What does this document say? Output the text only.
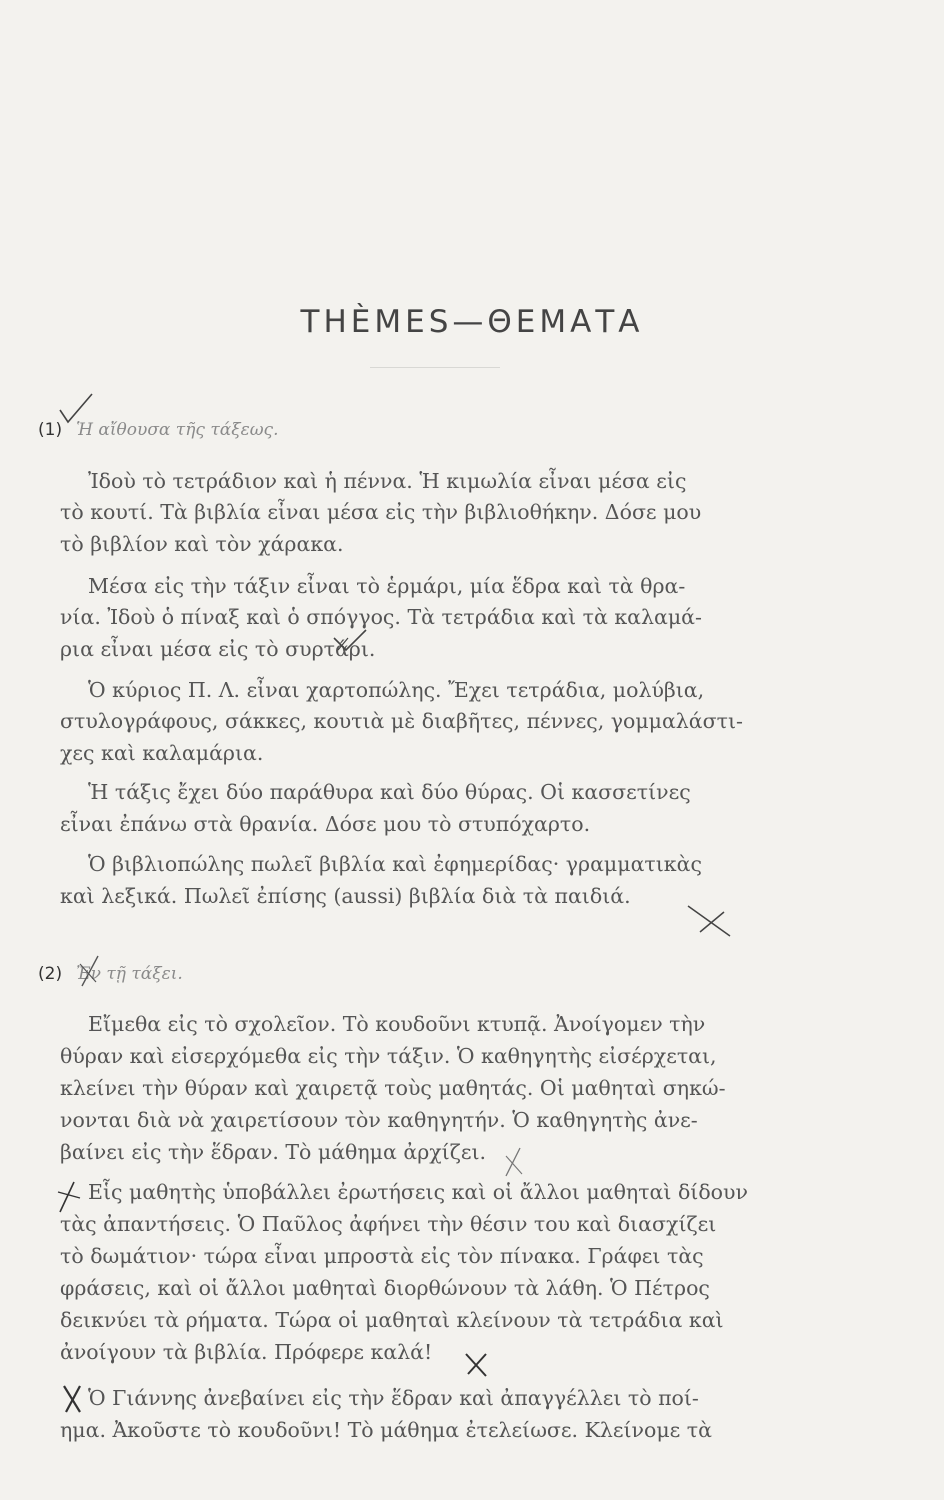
THÈMES—ΘΕΜΑΤΑ
(1) Ἡ αἴθουσα τῆς τάξεως.
Ἰδοὺ τὸ τετράδιον καὶ ἡ πέννα. Ἡ κιμωλία εἶναι μέσα εἰς
τὸ κουτί. Τὰ βιβλία εἶναι μέσα εἰς τὴν βιβλιοθήκην. Δόσε μου
τὸ βιβλίον καὶ τὸν χάρακα.
Μέσα εἰς τὴν τάξιν εἶναι τὸ ἑρμάρι, μία ἕδρα καὶ τὰ θρα-
νία. Ἰδοὺ ὁ πίναξ καὶ ὁ σπόγγος. Τὰ τετράδια καὶ τὰ καλαμά-
ρια εἶναι μέσα εἰς τὸ συρτάρι.
Ὁ κύριος Π. Λ. εἶναι χαρτοπώλης. Ἔχει τετράδια, μολύβια,
στυλογράφους, σάκκες, κουτιὰ μὲ διαβῆτες, πέννες, γομμαλάστι-
χες καὶ καλαμάρια.
Ἡ τάξις ἔχει δύο παράθυρα καὶ δύο θύρας. Οἱ κασσετίνες
εἶναι ἐπάνω στὰ θρανία. Δόσε μου τὸ στυπόχαρτο.
Ὁ βιβλιοπώλης πωλεῖ βιβλία καὶ ἐφημερίδας· γραμματικὰς
καὶ λεξικά. Πωλεῖ ἐπίσης (aussi) βιβλία διὰ τὰ παιδιά.
(2) Ἐν τῇ τάξει.
Εἴμεθα εἰς τὸ σχολεῖον. Τὸ κουδοῦνι κτυπᾷ. Ἀνοίγομεν τὴν
θύραν καὶ εἰσερχόμεθα εἰς τὴν τάξιν. Ὁ καθηγητὴς εἰσέρχεται,
κλείνει τὴν θύραν καὶ χαιρετᾷ τοὺς μαθητάς. Οἱ μαθηταὶ σηκώ-
νονται διὰ νὰ χαιρετίσουν τὸν καθηγητήν. Ὁ καθηγητὴς ἀνε-
βαίνει εἰς τὴν ἕδραν. Τὸ μάθημα ἀρχίζει.
Εἷς μαθητὴς ὑποβάλλει ἐρωτήσεις καὶ οἱ ἄλλοι μαθηταὶ δίδουν
τὰς ἀπαντήσεις. Ὁ Παῦλος ἀφήνει τὴν θέσιν του καὶ διασχίζει
τὸ δωμάτιον· τώρα εἶναι μπροστὰ εἰς τὸν πίνακα. Γράφει τὰς
φράσεις, καὶ οἱ ἄλλοι μαθηταὶ διορθώνουν τὰ λάθη. Ὁ Πέτρος
δεικνύει τὰ ρήματα. Τώρα οἱ μαθηταὶ κλείνουν τὰ τετράδια καὶ
ἀνοίγουν τὰ βιβλία. Πρόφερε καλά!
Ὁ Γιάννης ἀνεβαίνει εἰς τὴν ἕδραν καὶ ἀπαγγέλλει τὸ ποί-
ημα. Ἀκοῦστε τὸ κουδοῦνι! Τὸ μάθημα ἐτελείωσε. Κλείνομε τὰ
